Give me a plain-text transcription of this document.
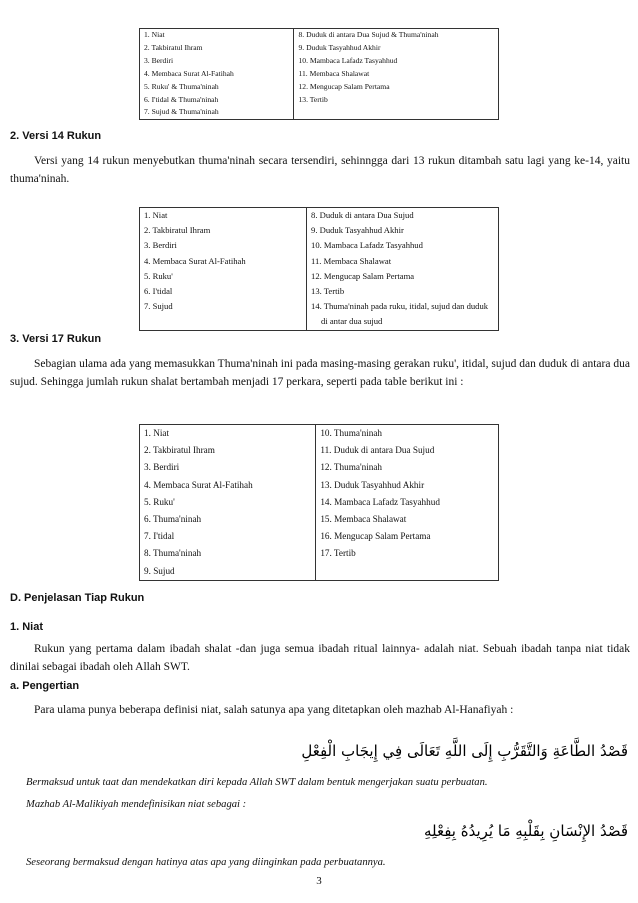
1. Niat
2. Takbiratul Ihram
3. Berdiri
4. Membaca Surat Al-Fatihah
5. Ruku' & Thuma'ninah
6. I'tidal & Thuma'ninah
7. Sujud & Thuma'ninah

8. Duduk di antara Dua Sujud & Thuma'ninah
9. Duduk Tasyahhud Akhir
10. Mambaca Lafadz Tasyahhud
11. Membaca Shalawat
12. Mengucap Salam Pertama
13. Tertib
2. Versi 14 Rukun
Versi yang 14 rukun menyebutkan thuma'ninah secara tersendiri, sehinngga dari 13 rukun ditambah satu lagi yang ke-14, yaitu thuma'ninah.
1. Niat
2. Takbiratul Ihram
3. Berdiri
4. Membaca Surat Al-Fatihah
5. Ruku'
6. I'tidal
7. Sujud

8. Duduk di antara Dua Sujud
9. Duduk Tasyahhud Akhir
10. Mambaca Lafadz Tasyahhud
11. Membaca Shalawat
12. Mengucap Salam Pertama
13. Tertib
14. Thuma'ninah pada ruku, itidal, sujud dan duduk di antar dua sujud
3. Versi 17 Rukun
Sebagian ulama ada yang memasukkan Thuma'ninah ini pada masing-masing gerakan ruku', itidal, sujud dan duduk di antara dua sujud. Sehingga jumlah rukun shalat bertambah menjadi 17 perkara, seperti pada table berikut ini :
1. Niat
2. Takbiratul Ihram
3. Berdiri
4. Membaca Surat Al-Fatihah
5. Ruku'
6. Thuma'ninah
7. I'tidal
8. Thuma'ninah
9. Sujud

10. Thuma'ninah
11. Duduk di antara Dua Sujud
12. Thuma'ninah
13. Duduk Tasyahhud Akhir
14. Mambaca Lafadz Tasyahhud
15. Membaca Shalawat
16. Mengucap Salam Pertama
17. Tertib
D. Penjelasan Tiap Rukun
1. Niat
Rukun yang pertama dalam ibadah shalat -dan juga semua ibadah ritual lainnya- adalah niat. Sebuah ibadah tanpa niat tidak dinilai sebagai ibadah oleh Allah SWT.
a. Pengertian
Para ulama punya beberapa definisi niat, salah satunya apa yang ditetapkan oleh mazhab Al-Hanafiyah :
قَصْدُ الطَّاعَةِ وَالتَّقَرُّبِ إِلَى اللَّهِ تَعَالَى فِي إِيجَابِ الْفِعْلِ
Bermaksud untuk taat dan mendekatkan diri kepada Allah SWT dalam bentuk mengerjakan suatu perbuatan.
Mazhab Al-Malikiyah mendefinisikan niat sebagai :
قَصْدُ الإِنْسَانِ بِقَلْبِهِ مَا يُرِيدُهُ بِفِعْلِهِ
Seseorang bermaksud dengan hatinya atas apa yang diinginkan pada perbuatannya.
3
